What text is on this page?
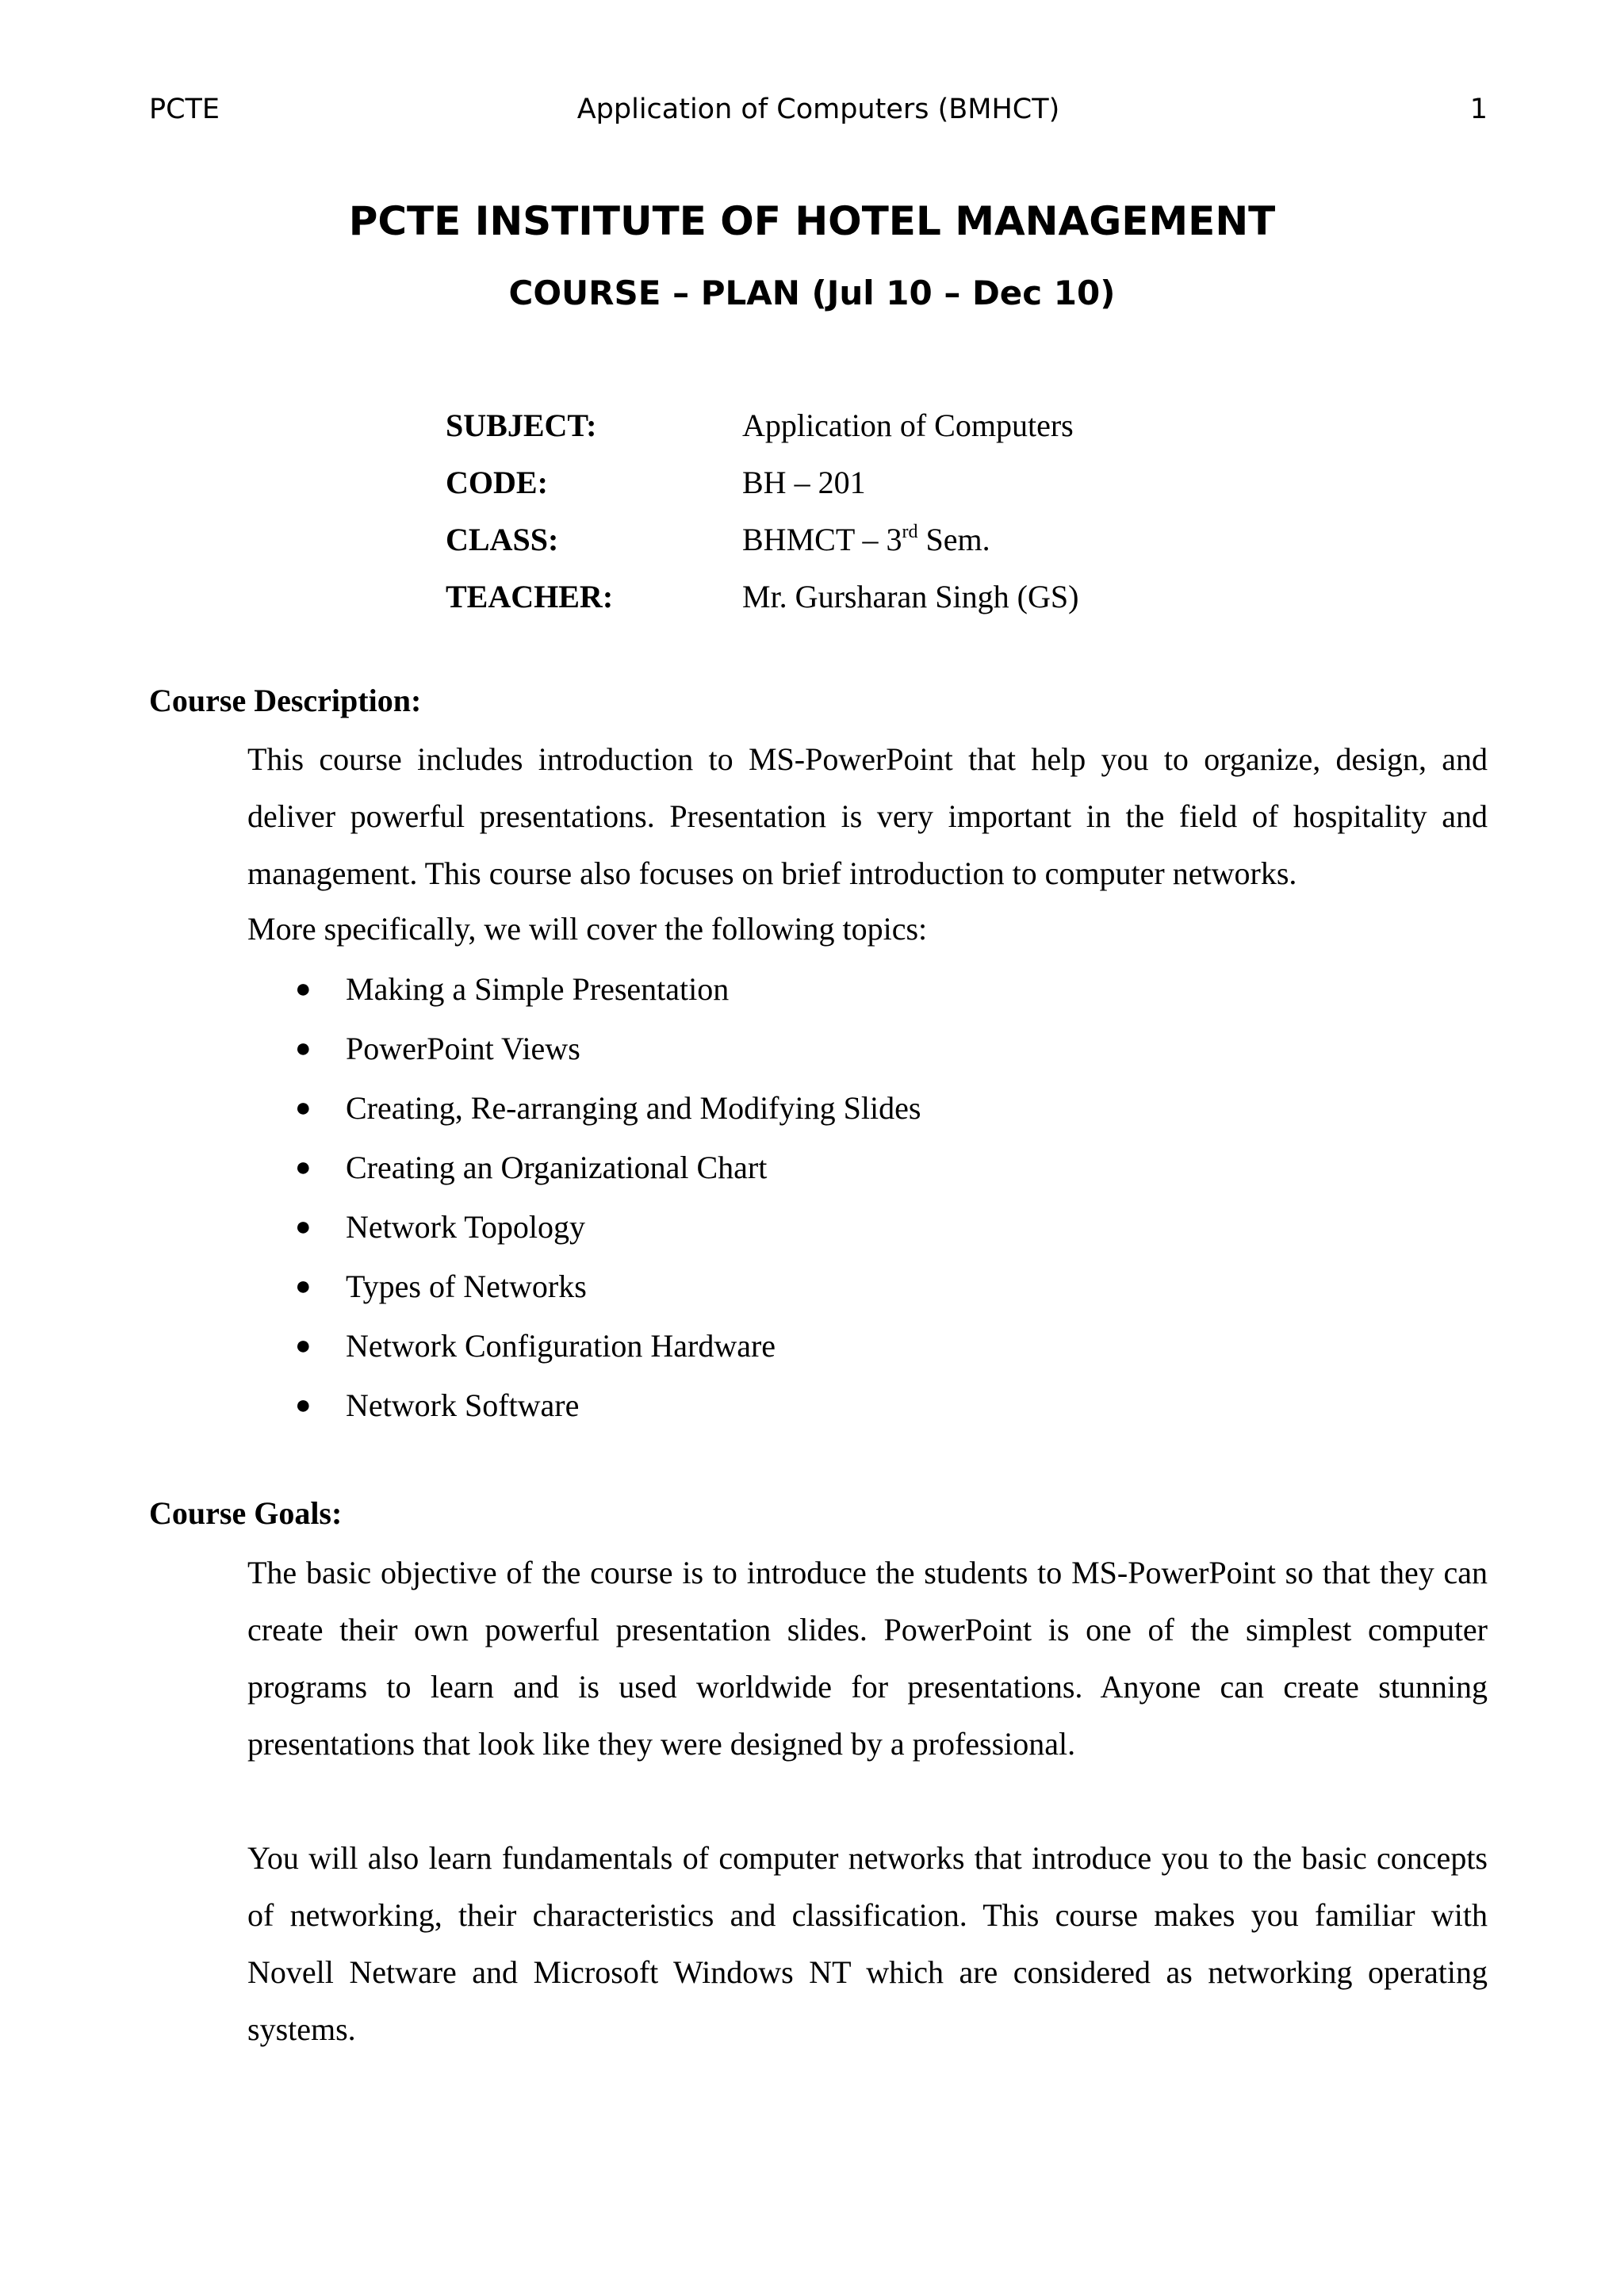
PCTE	Application of Computers (BMHCT)	1
PCTE INSTITUTE OF HOTEL MANAGEMENT
COURSE – PLAN (Jul 10 – Dec 10)
SUBJECT:	Application of Computers
CODE:	BH – 201
CLASS:	BHMCT – 3rd Sem.
TEACHER:	Mr. Gursharan Singh (GS)
Course Description:

This course includes introduction to MS-PowerPoint that help you to organize, design, and deliver powerful presentations. Presentation is very important in the field of hospitality and management. This course also focuses on brief introduction to computer networks.

More specifically, we will cover the following topics:
●	Making a Simple Presentation
●	PowerPoint Views
●	Creating, Re-arranging and Modifying Slides
●	Creating an Organizational Chart
●	Network Topology
●	Types of Networks
●	Network Configuration Hardware
●	Network Software
Course Goals:

The basic objective of the course is to introduce the students to MS-PowerPoint so that they can create their own powerful presentation slides. PowerPoint is one of the simplest computer programs to learn and is used worldwide for presentations. Anyone can create stunning presentations that look like they were designed by a professional.

You will also learn fundamentals of computer networks that introduce you to the basic concepts of networking, their characteristics and classification. This course makes you familiar with Novell Netware and Microsoft Windows NT which are considered as networking operating systems.
